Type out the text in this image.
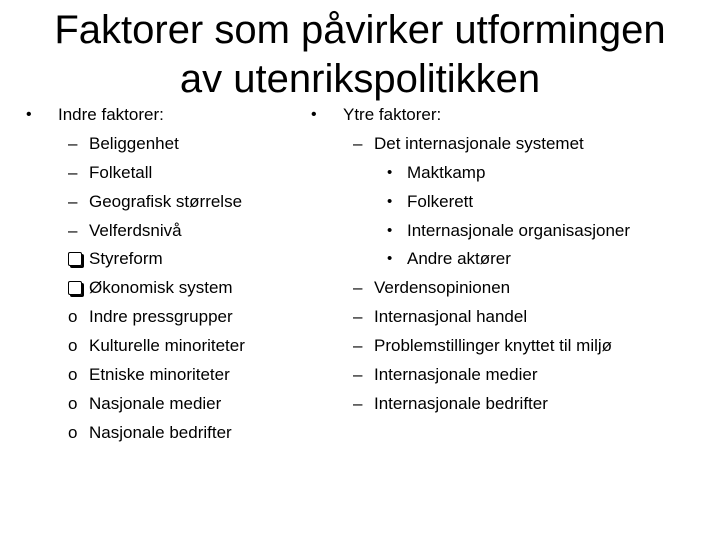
Faktorer som påvirker utformingen
av utenrikspolitikken
• Indre faktorer:
– Beliggenhet
– Folketall
– Geografisk størrelse
– Velferdsnivå
Styreform
Økonomisk system
o Indre pressgrupper
o Kulturelle minoriteter
o Etniske minoriteter
o Nasjonale medier
o Nasjonale bedrifter
• Ytre faktorer:
– Det internasjonale systemet
• Maktkamp
• Folkerett
• Internasjonale organisasjoner
• Andre aktører
– Verdensopinionen
– Internasjonal handel
– Problemstillinger knyttet til miljø
– Internasjonale medier
– Internasjonale bedrifter
